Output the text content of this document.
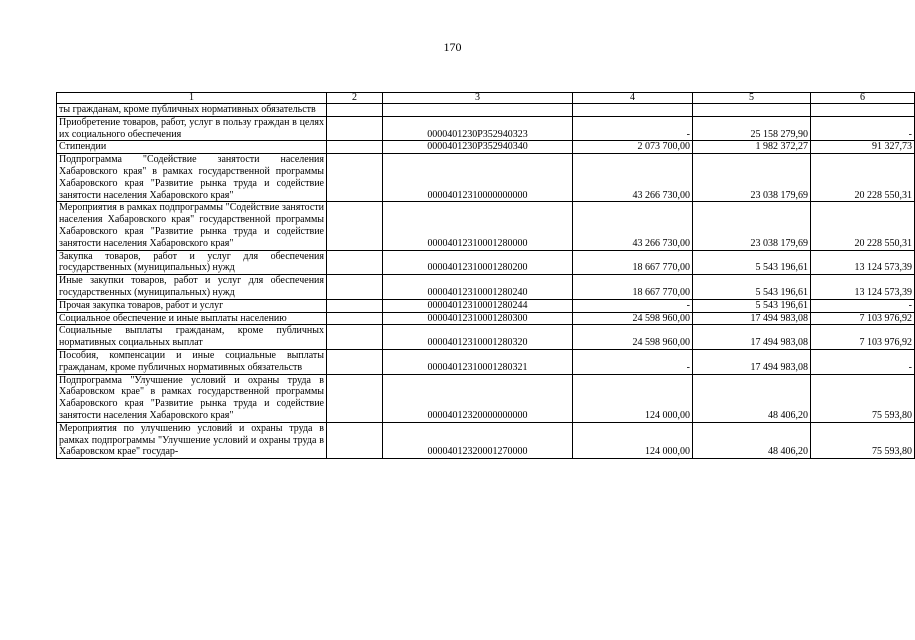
170
1	2	3	4	5	6
ты гражданам, кроме публичных нормативных обязательств					
Приобретение товаров, работ, услуг в пользу граждан в целях их социального обеспечения		0000401230P352940323	-	25 158 279,90	-
Стипендии		0000401230P352940340	2 073 700,00	1 982 372,27	91 327,73
Подпрограмма "Содействие занятости населения Хабаровского края" в рамках государственной программы Хабаровского края "Развитие рынка труда и содействие занятости населения Хабаровского края"		00004012310000000000	43 266 730,00	23 038 179,69	20 228 550,31
Мероприятия в рамках подпрограммы "Содействие занятости населения Хабаровского края" государственной программы Хабаровского края "Развитие рынка труда и содействие занятости населения Хабаровского края"		00004012310001280000	43 266 730,00	23 038 179,69	20 228 550,31
Закупка товаров, работ и услуг для обеспечения государственных (муниципальных) нужд		00004012310001280200	18 667 770,00	5 543 196,61	13 124 573,39
Иные закупки товаров, работ и услуг для обеспечения государственных (муниципальных) нужд		00004012310001280240	18 667 770,00	5 543 196,61	13 124 573,39
Прочая закупка товаров, работ и услуг		00004012310001280244	-	5 543 196,61	-
Социальное обеспечение и иные выплаты населению		00004012310001280300	24 598 960,00	17 494 983,08	7 103 976,92
Социальные выплаты гражданам, кроме публичных нормативных социальных выплат		00004012310001280320	24 598 960,00	17 494 983,08	7 103 976,92
Пособия, компенсации и иные социальные выплаты гражданам, кроме публичных нормативных обязательств		00004012310001280321	-	17 494 983,08	-
Подпрограмма "Улучшение условий и охраны труда в Хабаровском крае" в рамках государственной программы Хабаровского края "Развитие рынка труда и содействие занятости населения Хабаровского края"		00004012320000000000	124 000,00	48 406,20	75 593,80
Мероприятия по улучшению условий и охраны труда в рамках подпрограммы "Улучшение условий и охраны труда в Хабаровском крае" государ-		00004012320001270000	124 000,00	48 406,20	75 593,80
